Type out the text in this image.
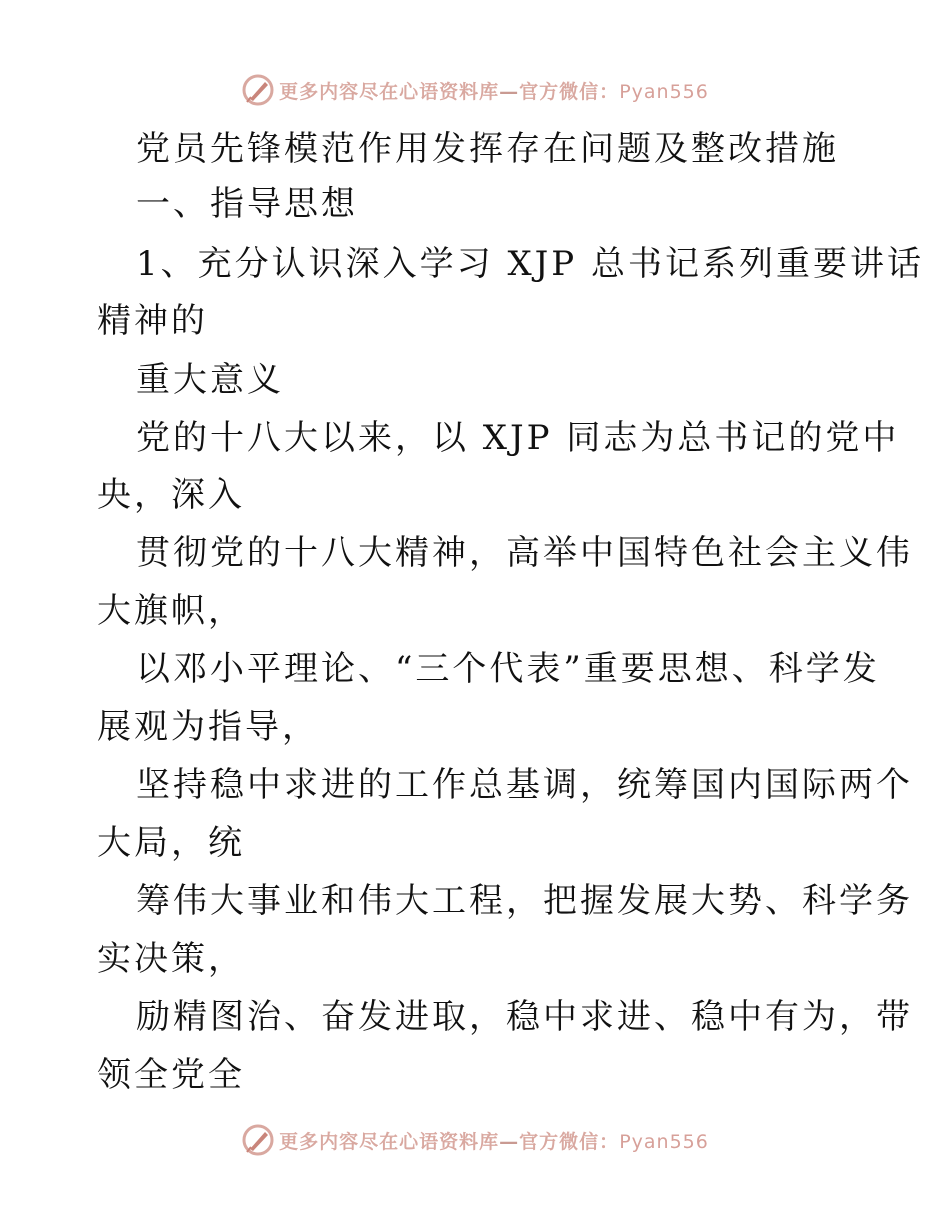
更多内容尽在心语资料库—官方微信：Pyan556
党员先锋模范作用发挥存在问题及整改措施
一、指导思想
1、充分认识深入学习 XJP 总书记系列重要讲话
精神的
重大意义
党的十八大以来，以 XJP 同志为总书记的党中
央，深入
贯彻党的十八大精神，高举中国特色社会主义伟
大旗帜，
以邓小平理论、“三个代表”重要思想、科学发
展观为指导，
坚持稳中求进的工作总基调，统筹国内国际两个
大局，统
筹伟大事业和伟大工程，把握发展大势、科学务
实决策，
励精图治、奋发进取，稳中求进、稳中有为，带
领全党全
更多内容尽在心语资料库—官方微信：Pyan556
